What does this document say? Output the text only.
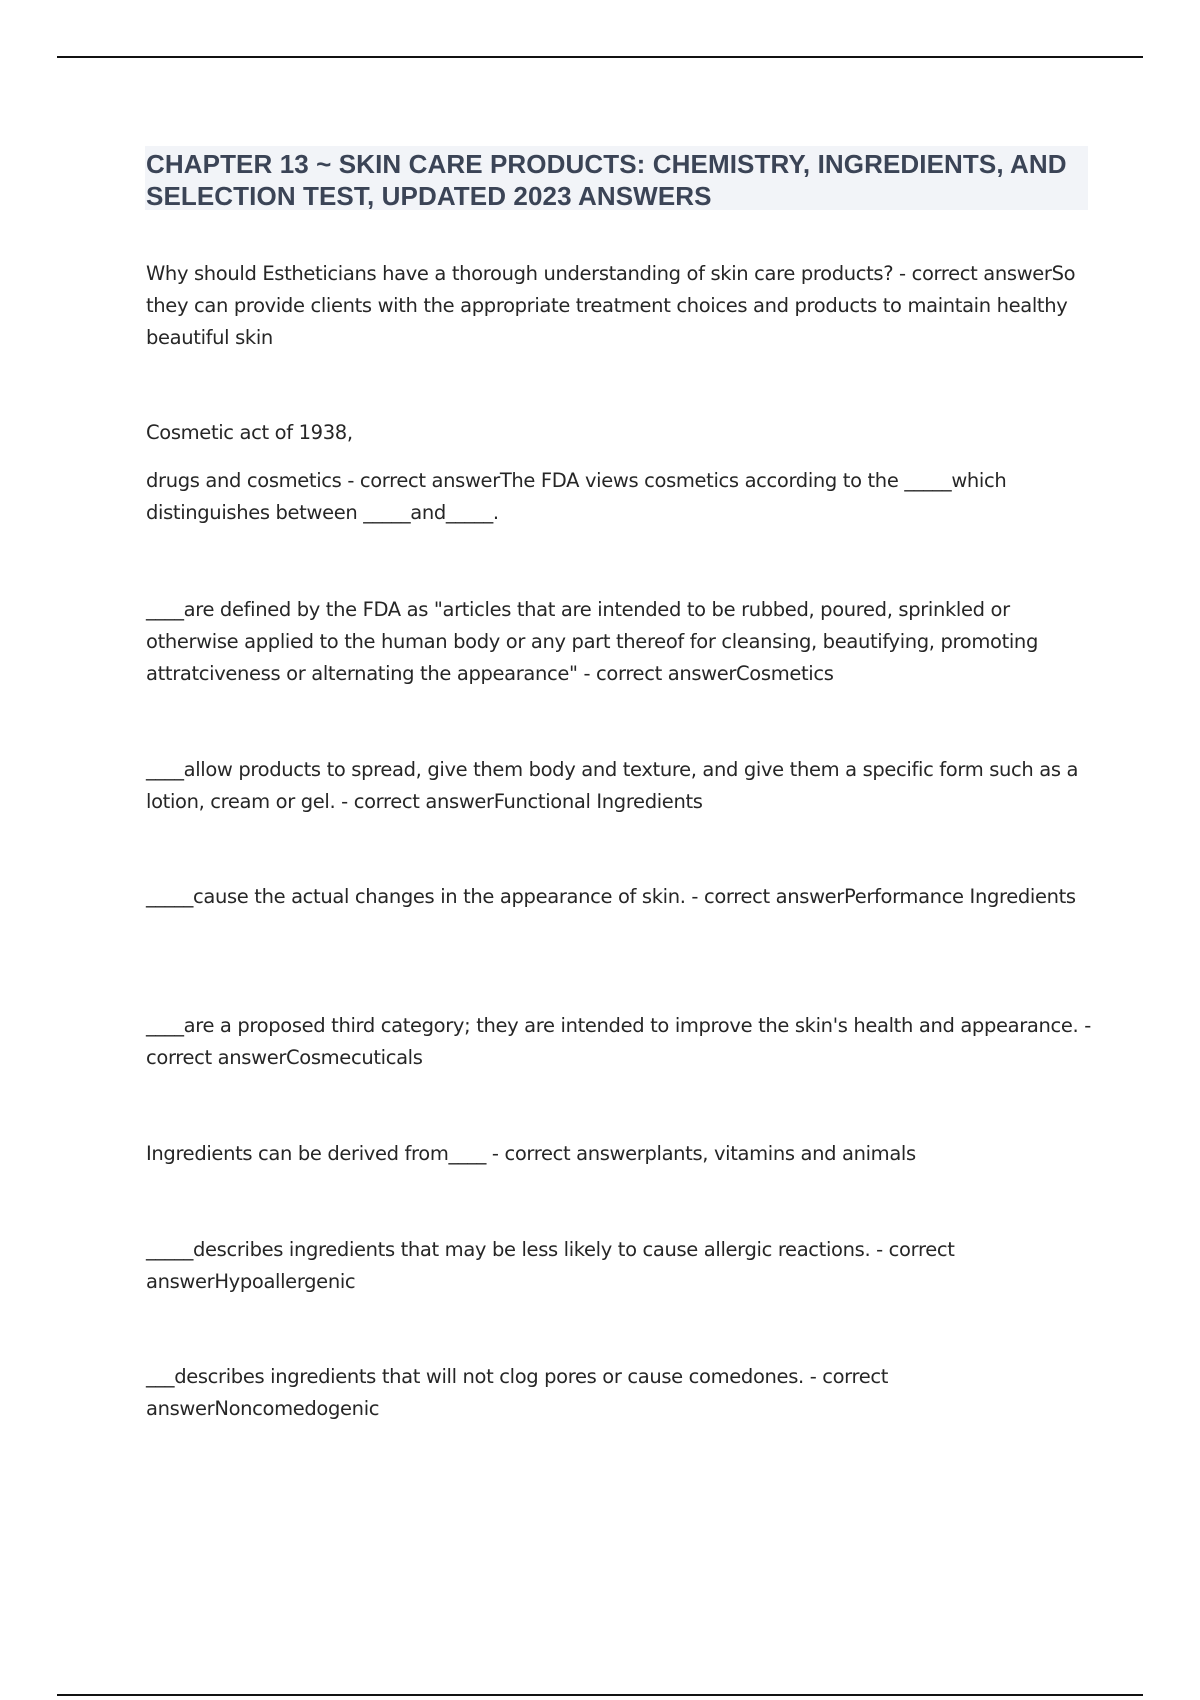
CHAPTER 13 ~ SKIN CARE PRODUCTS: CHEMISTRY, INGREDIENTS, AND SELECTION TEST, UPDATED 2023 ANSWERS

Why should Estheticians have a thorough understanding of skin care products? - correct answerSo they can provide clients with the appropriate treatment choices and products to maintain healthy beautiful skin

Cosmetic act of 1938,

drugs and cosmetics - correct answerThe FDA views cosmetics according to the _____which distinguishes between _____and_____.

____are defined by the FDA as "articles that are intended to be rubbed, poured, sprinkled or otherwise applied to the human body or any part thereof for cleansing, beautifying, promoting attratciveness or alternating the appearance" - correct answerCosmetics

____allow products to spread, give them body and texture, and give them a specific form such as a lotion, cream or gel. - correct answerFunctional Ingredients

_____cause the actual changes in the appearance of skin. - correct answerPerformance Ingredients

____are a proposed third category; they are intended to improve the skin's health and appearance. - correct answerCosmecuticals

Ingredients can be derived from____ - correct answerplants, vitamins and animals

_____describes ingredients that may be less likely to cause allergic reactions. - correct answerHypoallergenic

___describes ingredients that will not clog pores or cause comedones. - correct answerNoncomedogenic
